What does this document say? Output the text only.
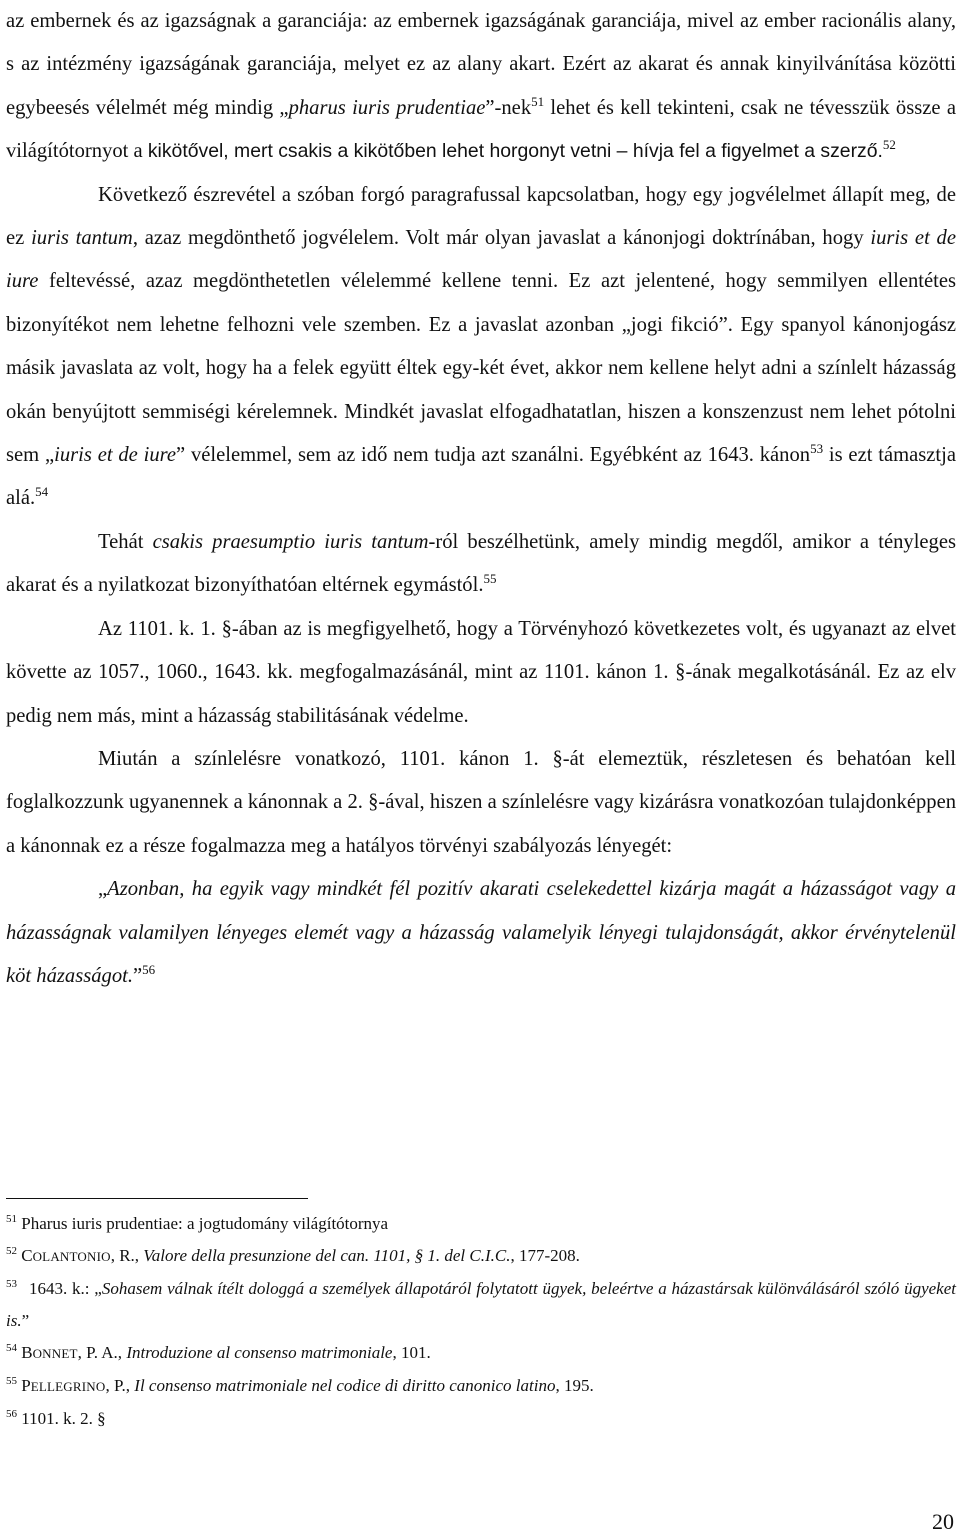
az embernek és az igazságnak a garanciája: az embernek igazságának garanciája, mivel az ember racionális alany, s az intézmény igazságának garanciája, melyet ez az alany akart. Ezért az akarat és annak kinyilvánítása közötti egybeesés vélelmét még mindig „pharus iuris prudentiae”-nek$^{51}$ lehet és kell tekinteni, csak ne tévesszük össze a világítótornyot a kikötővel, mert csakis a kikötőben lehet horgonyt vetni – hívja fel a figyelmet a szerző.$^{52}$

Következő észrevétel a szóban forgó paragrafussal kapcsolatban, hogy egy jogvélelmet állapít meg, de ez iuris tantum, azaz megdönthető jogvélelem. Volt már olyan javaslat a kánonjogi doktrínában, hogy iuris et de iure feltevéssé, azaz megdönthetetlen vélelemmé kellene tenni. Ez azt jelentené, hogy semmilyen ellentétes bizonyítékot nem lehetne felhozni vele szemben. Ez a javaslat azonban „jogi fikció”. Egy spanyol kánonjogász másik javaslata az volt, hogy ha a felek együtt éltek egy-két évet, akkor nem kellene helyt adni a színlelt házasság okán benyújtott semmiségi kérelemnek. Mindkét javaslat elfogadhatatlan, hiszen a konszenzust nem lehet pótolni sem „iuris et de iure” vélelemmel, sem az idő nem tudja azt szanálni. Egyébként az 1643. kánon$^{53}$ is ezt támasztja alá.$^{54}$

Tehát csakis praesumptio iuris tantum-ról beszélhetünk, amely mindig megdől, amikor a tényleges akarat és a nyilatkozat bizonyíthatóan eltérnek egymástól.$^{55}$

Az 1101. k. 1. §-ában az is megfigyelhető, hogy a Törvényhozó következetes volt, és ugyanazt az elvet követte az 1057., 1060., 1643. kk. megfogalmazásánál, mint az 1101. kánon 1. §-ának megalkotásánál. Ez az elv pedig nem más, mint a házasság stabilitásának védelme.

Miután a színlelésre vonatkozó, 1101. kánon 1. §-át elemeztük, részletesen és behatóan kell foglalkozzunk ugyanennek a kánonnak a 2. §-ával, hiszen a színlelésre vagy kizárásra vonatkozóan tulajdonképpen a kánonnak ez a része fogalmazza meg a hatályos törvényi szabályozás lényegét:

„Azonban, ha egyik vagy mindkét fél pozitív akarati cselekedettel kizárja magát a házasságot vagy a házasságnak valamilyen lényeges elemét vagy a házasság valamelyik lényegi tulajdonságát, akkor érvénytelenül köt házasságot.”$^{56}$

$^{51}$ Pharus iuris prudentiae: a jogtudomány világítótornya

$^{52}$ COLANTONIO, R., Valore della presunzione del can. 1101, § 1. del C.I.C., 177-208.

$^{53}$ 1643. k.: „Sohasem válnak ítélt dologgá a személyek állapotáról folytatott ügyek, beleértve a házastársak különválásáról szóló ügyeket is.”

$^{54}$ BONNET, P. A., Introduzione al consenso matrimoniale, 101.

$^{55}$ PELLEGRINO, P., Il consenso matrimoniale nel codice di diritto canonico latino, 195.

$^{56}$ 1101. k. 2. §

20
